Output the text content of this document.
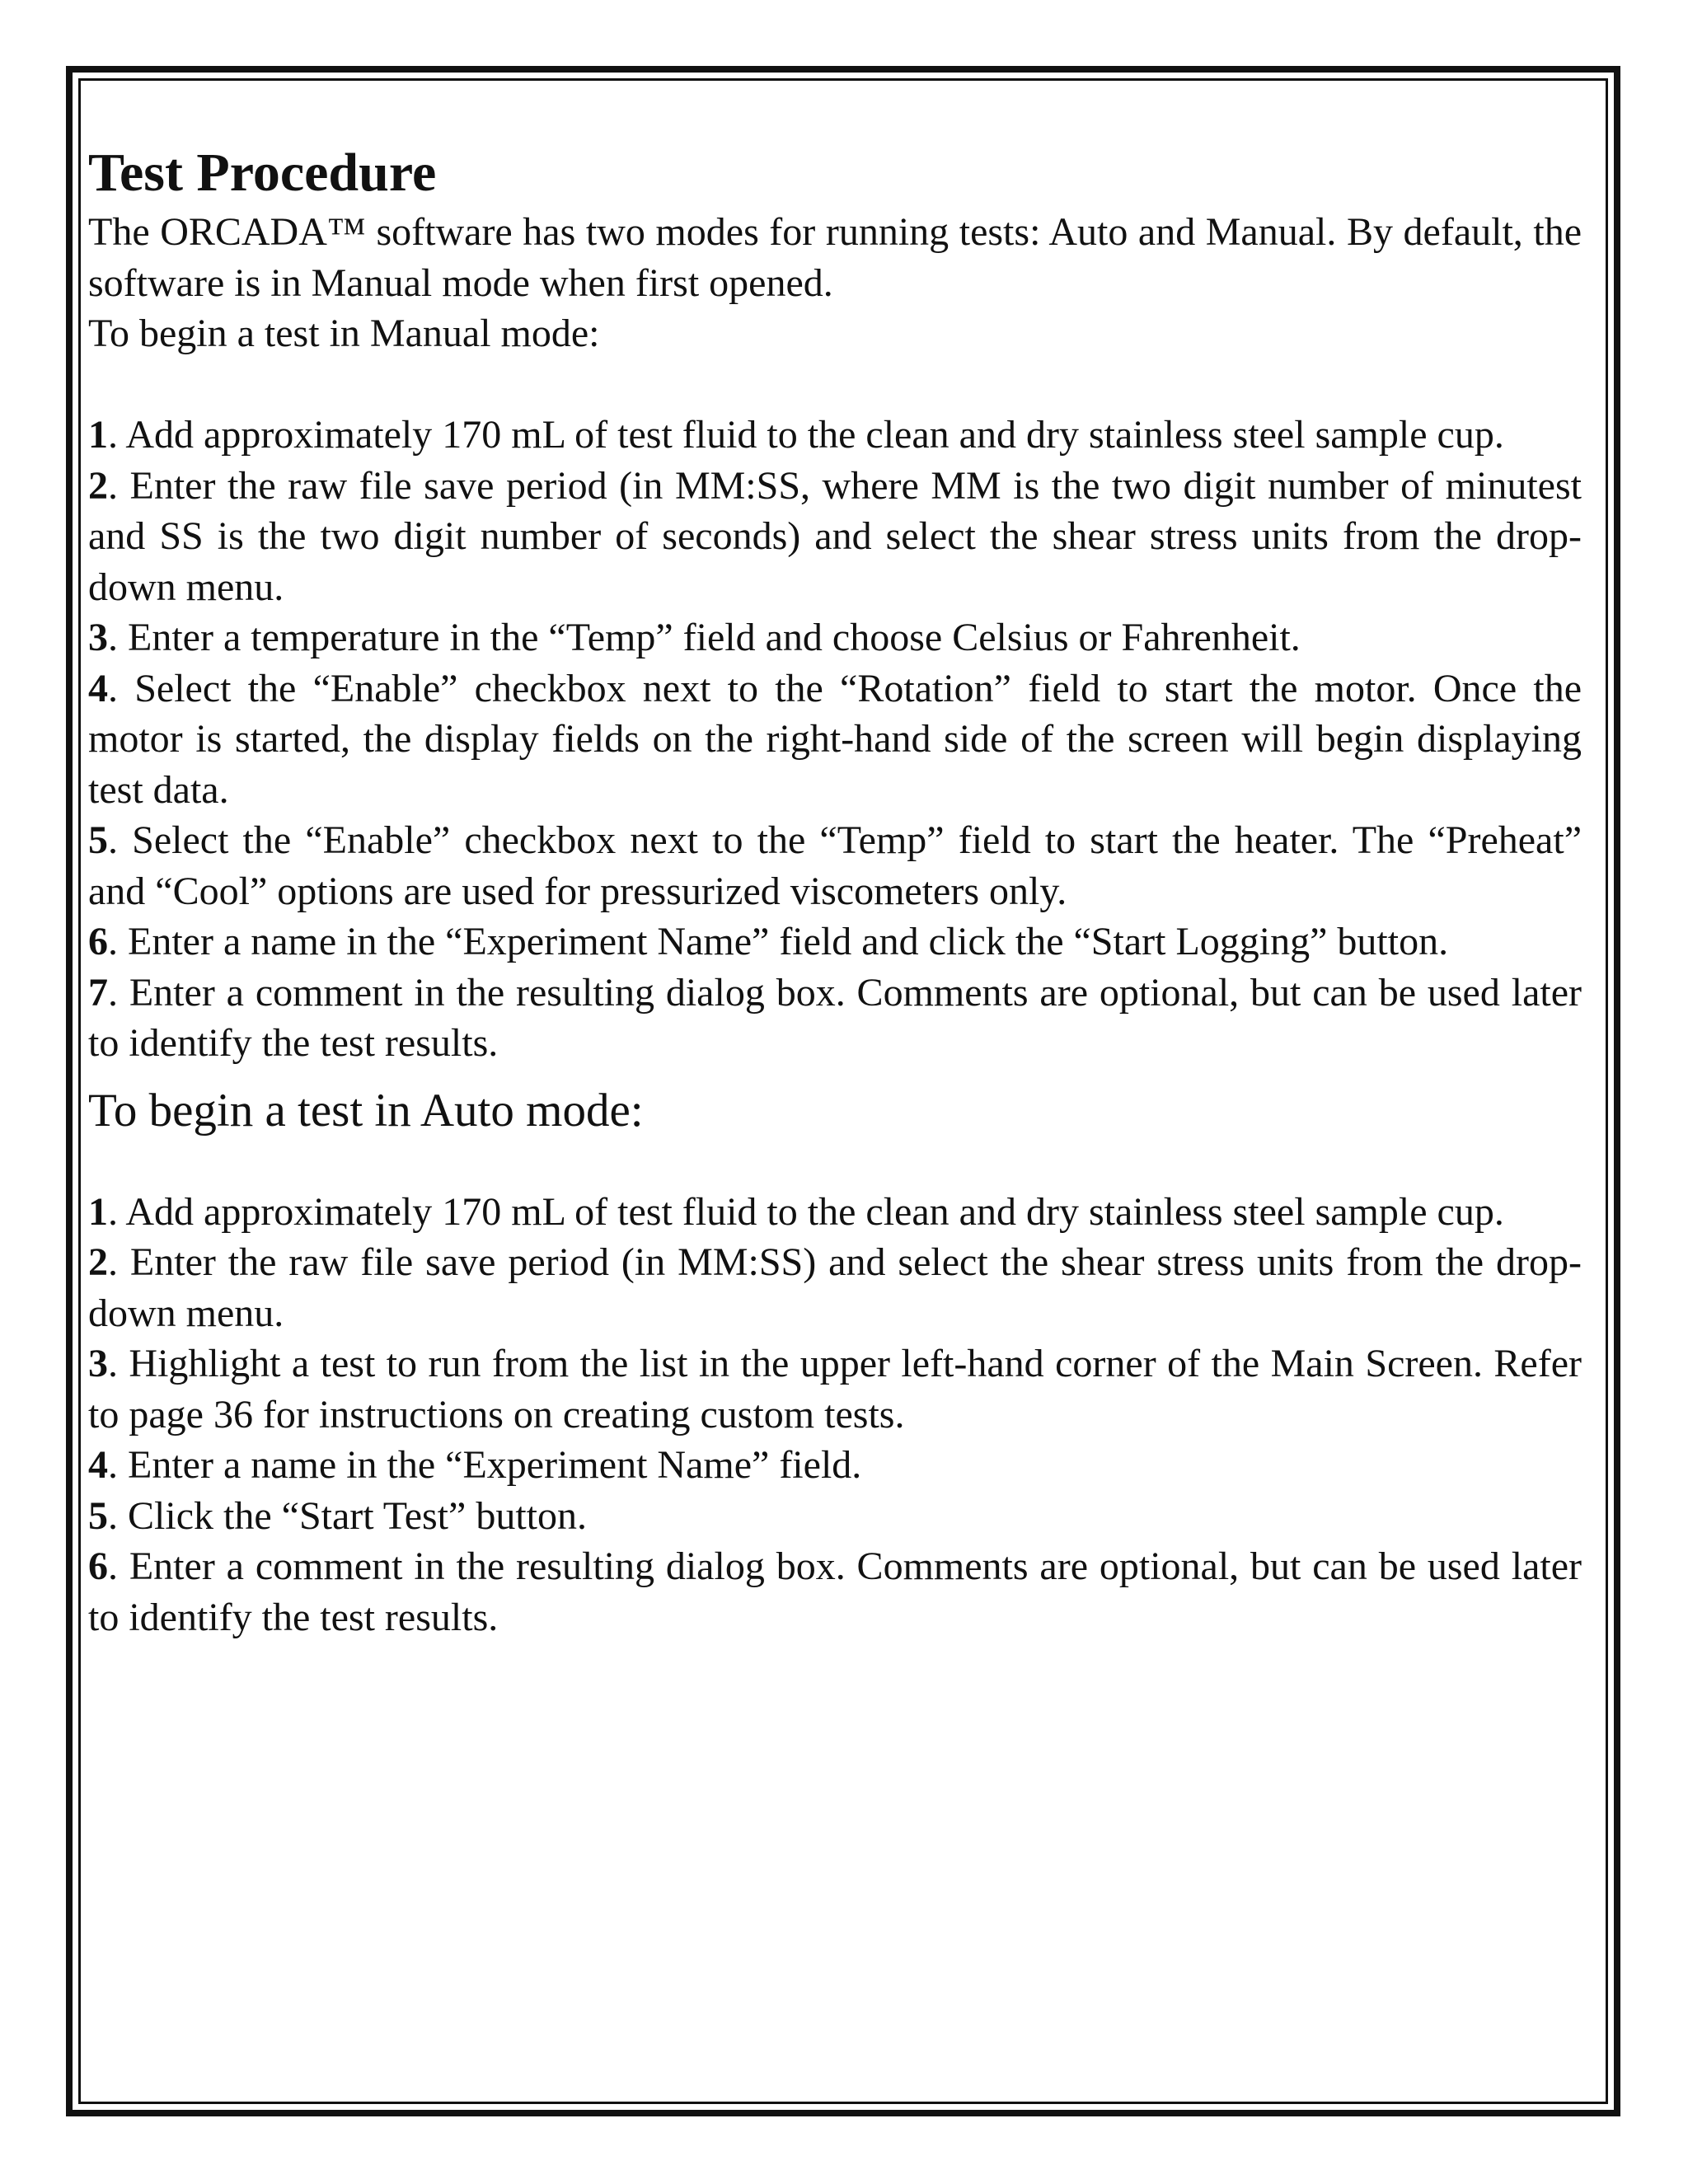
Test Procedure

The ORCADA™ software has two modes for running tests: Auto and Manual. By default, the software is in Manual mode when first opened.

To begin a test in Manual mode:

1. Add approximately 170 mL of test fluid to the clean and dry stainless steel sample cup.

2. Enter the raw file save period (in MM:SS, where MM is the two digit number of minutest and SS is the two digit number of seconds) and select the shear stress units from the drop-down menu.

3. Enter a temperature in the “Temp” field and choose Celsius or Fahrenheit.

4. Select the “Enable” checkbox next to the “Rotation” field to start the motor. Once the motor is started, the display fields on the right-hand side of the screen will begin displaying test data.

5. Select the “Enable” checkbox next to the “Temp” field to start the heater. The “Preheat” and “Cool” options are used for pressurized viscometers only.

6. Enter a name in the “Experiment Name” field and click the “Start Logging” button.

7. Enter a comment in the resulting dialog box. Comments are optional, but can be used later to identify the test results.

To begin a test in Auto mode:

1. Add approximately 170 mL of test fluid to the clean and dry stainless steel sample cup.

2. Enter the raw file save period (in MM:SS) and select the shear stress units from the drop-down menu.

3. Highlight a test to run from the list in the upper left-hand corner of the Main Screen. Refer to page 36 for instructions on creating custom tests.

4. Enter a name in the “Experiment Name” field.

5. Click the “Start Test” button.

6. Enter a comment in the resulting dialog box. Comments are optional, but can be used later to identify the test results.
